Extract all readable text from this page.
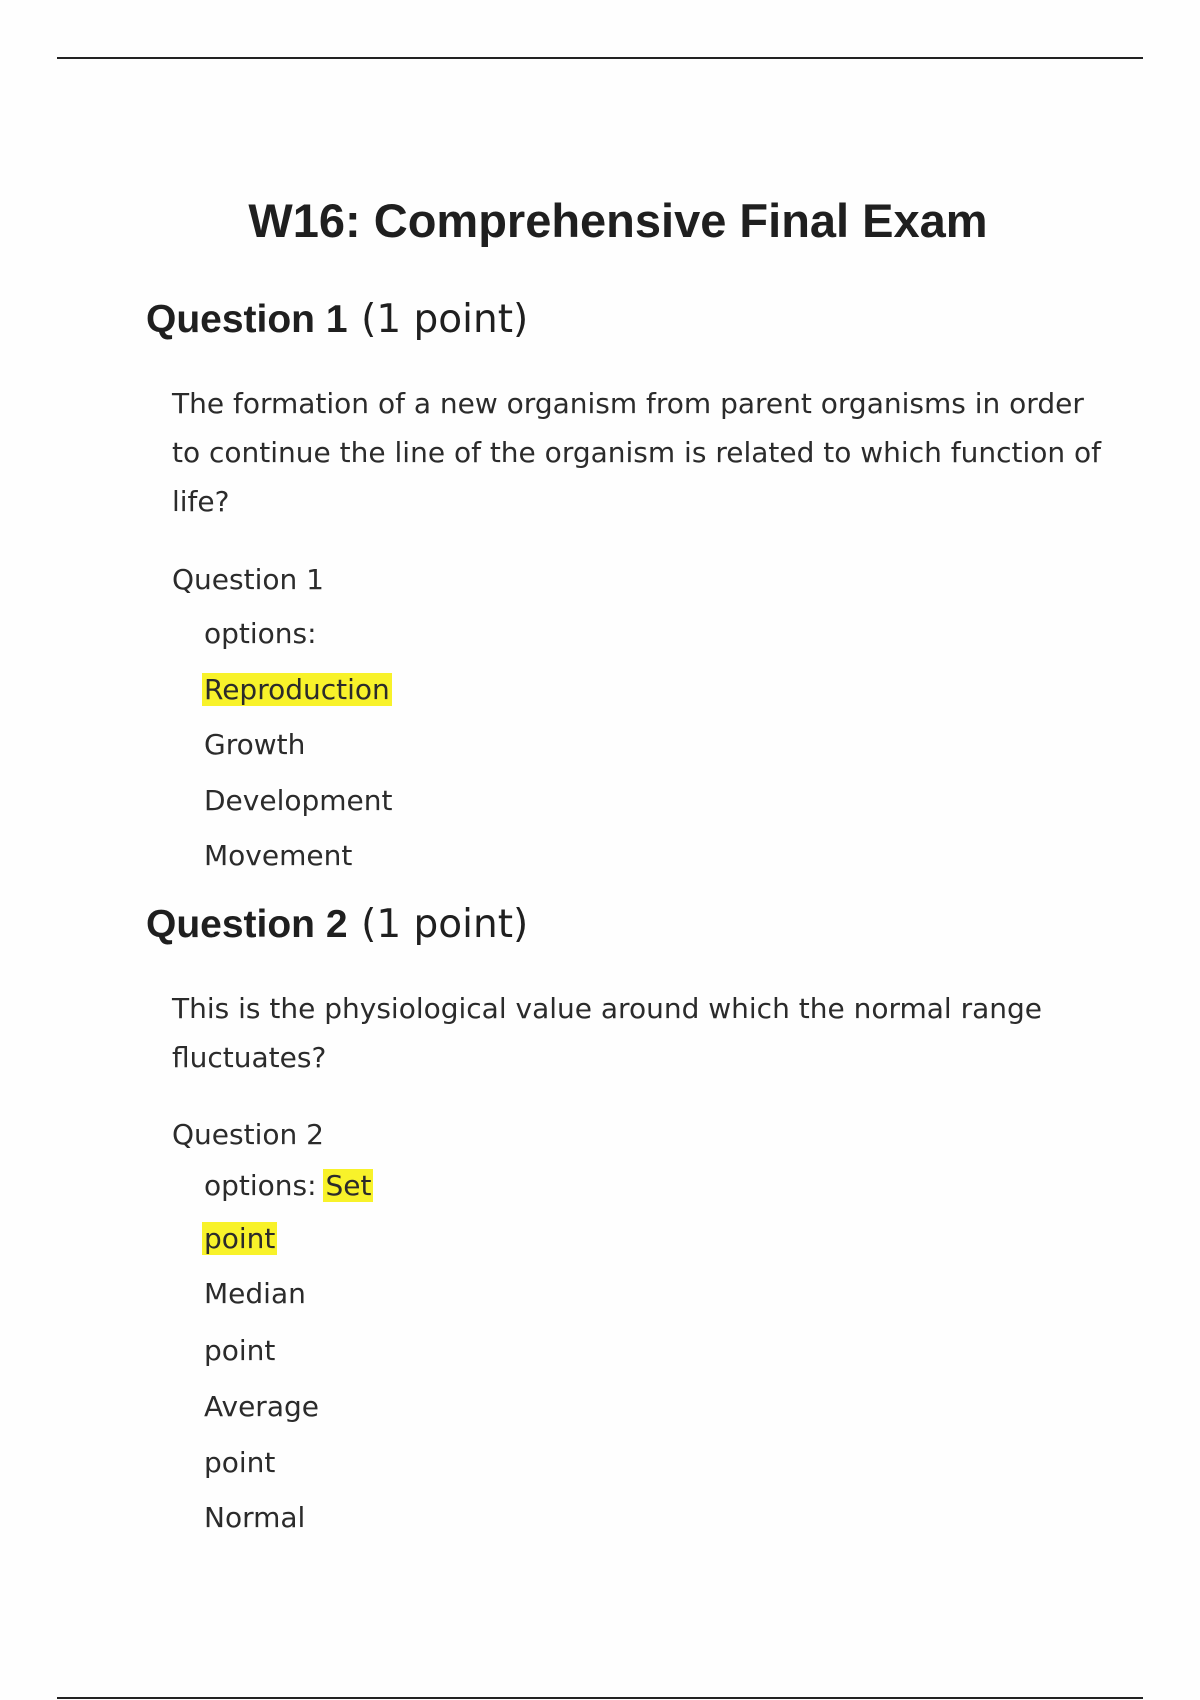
W16: Comprehensive Final Exam
Question 1 (1 point)

The formation of a new organism from parent organisms in order to continue the line of the organism is related to which function of life?

Question 1
options:
Reproduction
Growth
Development
Movement
Question 2 (1 point)

This is the physiological value around which the normal range fluctuates?

Question 2
options: Set
point
Median
point
Average
point
Normal
